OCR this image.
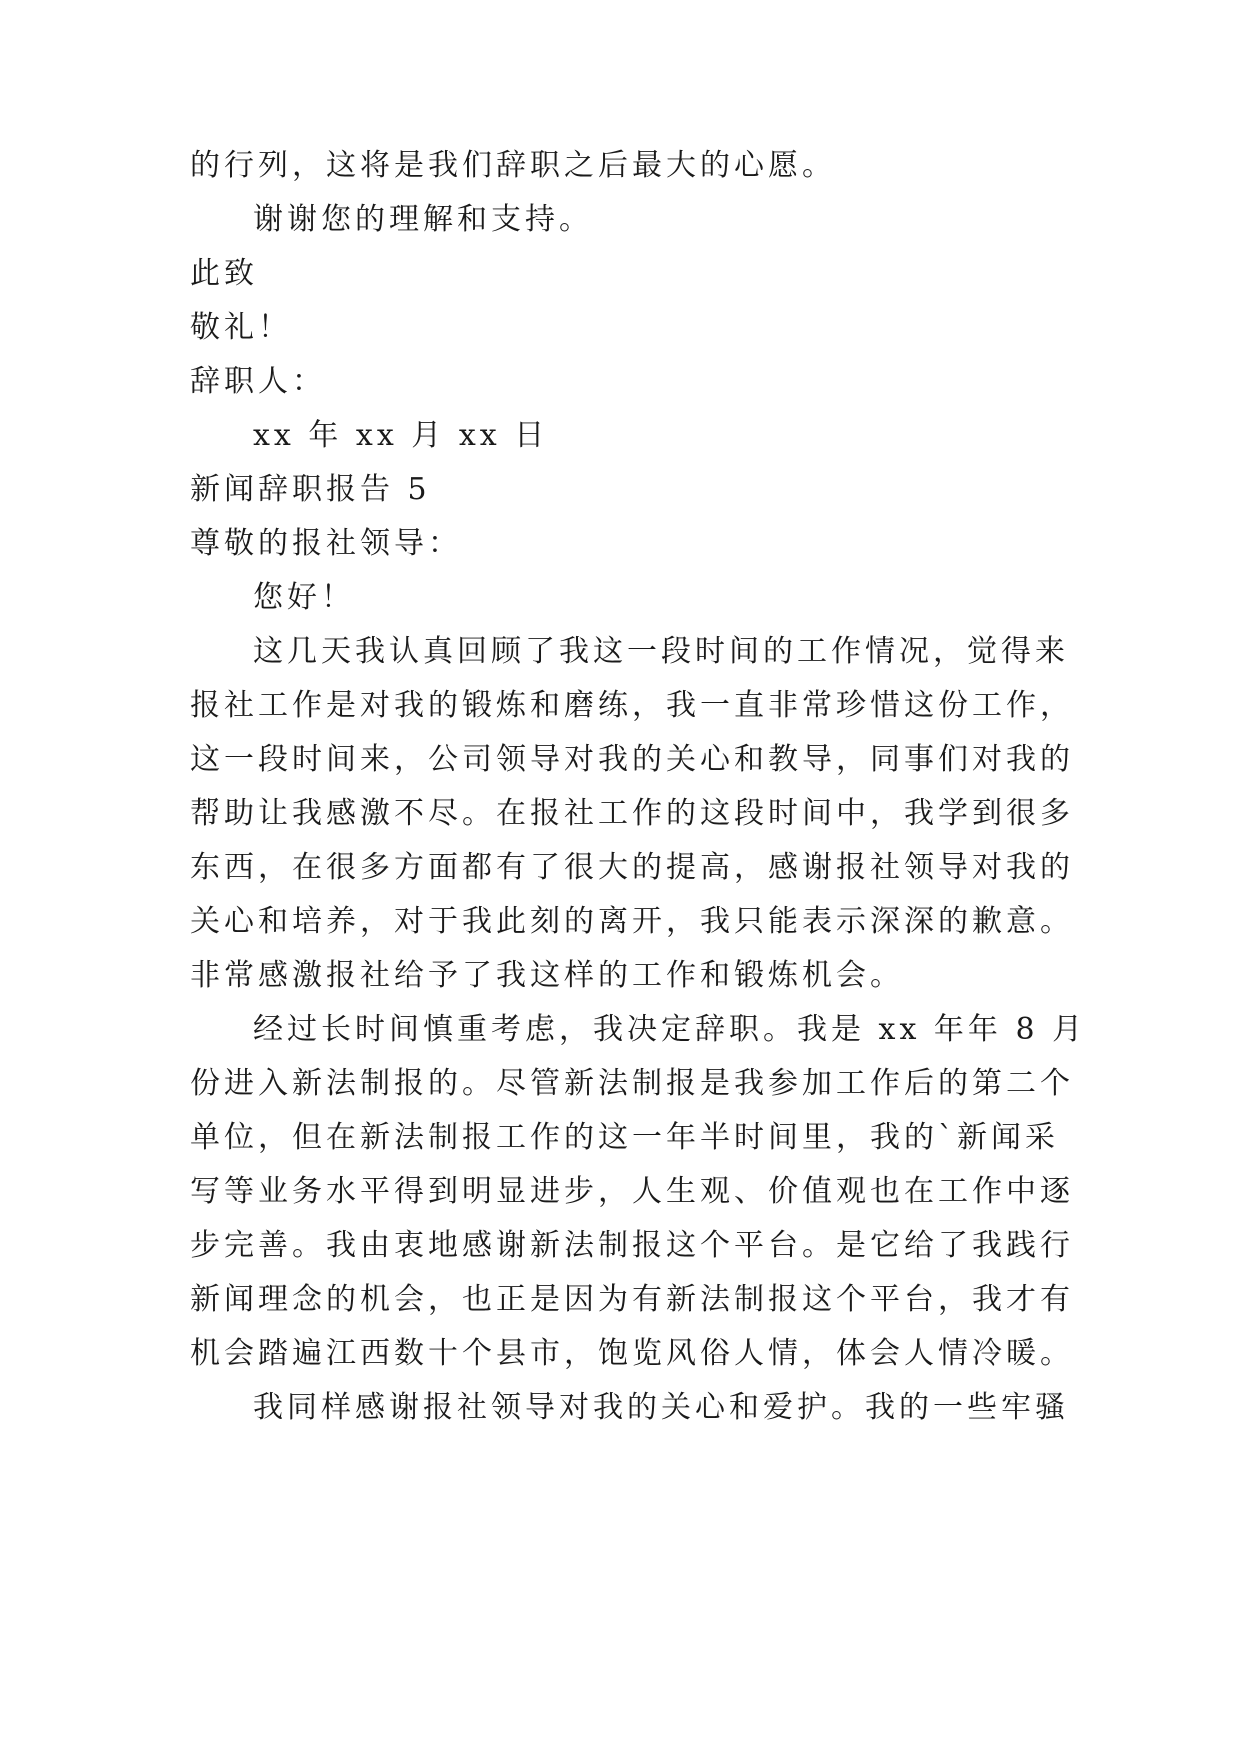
的行列，这将是我们辞职之后最大的心愿。
谢谢您的理解和支持。
此致
敬礼！
辞职人：
xx 年 xx 月 xx 日
新闻辞职报告 5
尊敬的报社领导：
您好！
这几天我认真回顾了我这一段时间的工作情况，觉得来
报社工作是对我的锻炼和磨练，我一直非常珍惜这份工作，
这一段时间来，公司领导对我的关心和教导，同事们对我的
帮助让我感激不尽。在报社工作的这段时间中，我学到很多
东西，在很多方面都有了很大的提高，感谢报社领导对我的
关心和培养，对于我此刻的离开，我只能表示深深的歉意。
非常感激报社给予了我这样的工作和锻炼机会。
经过长时间慎重考虑，我决定辞职。我是 xx 年年 8 月
份进入新法制报的。尽管新法制报是我参加工作后的第二个
单位，但在新法制报工作的这一年半时间里，我的`新闻采
写等业务水平得到明显进步，人生观、价值观也在工作中逐
步完善。我由衷地感谢新法制报这个平台。是它给了我践行
新闻理念的机会，也正是因为有新法制报这个平台，我才有
机会踏遍江西数十个县市，饱览风俗人情，体会人情冷暖。
我同样感谢报社领导对我的关心和爱护。我的一些牢骚
